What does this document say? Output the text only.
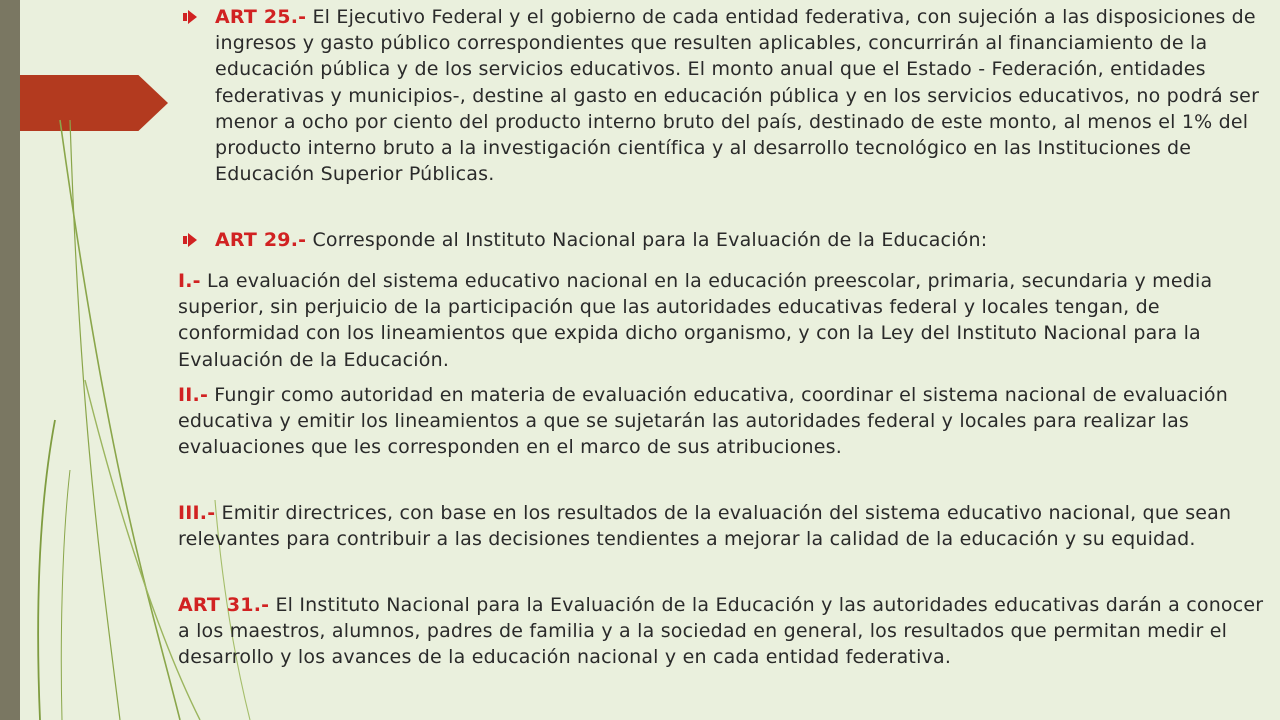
ART 25.- El Ejecutivo Federal y el gobierno de cada entidad federativa, con sujeción a las disposiciones de ingresos y gasto público correspondientes que resulten aplicables, concurrirán al financiamiento de la educación pública y de los servicios educativos. El monto anual que el Estado - Federación, entidades federativas y municipios-, destine al gasto en educación pública y en los servicios educativos, no podrá ser menor a ocho por ciento del producto interno bruto del país, destinado de este monto, al menos el 1% del producto interno bruto a la investigación científica y al desarrollo tecnológico en las Instituciones de Educación Superior Públicas.

ART 29.- Corresponde al Instituto Nacional para la Evaluación de la Educación:

I.- La evaluación del sistema educativo nacional en la educación preescolar, primaria, secundaria y media superior, sin perjuicio de la participación que las autoridades educativas federal y locales tengan, de conformidad con los lineamientos que expida dicho organismo, y con la Ley del Instituto Nacional para la Evaluación de la Educación.

II.- Fungir como autoridad en materia de evaluación educativa, coordinar el sistema nacional de evaluación educativa y emitir los lineamientos a que se sujetarán las autoridades federal y locales para realizar las evaluaciones que les corresponden en el marco de sus atribuciones.

III.- Emitir directrices, con base en los resultados de la evaluación del sistema educativo nacional, que sean relevantes para contribuir a las decisiones tendientes a mejorar la calidad de la educación y su equidad.

ART 31.- El Instituto Nacional para la Evaluación de la Educación y las autoridades educativas darán a conocer a los maestros, alumnos, padres de familia y a la sociedad en general, los resultados que permitan medir el desarrollo y los avances de la educación nacional y en cada entidad federativa.
